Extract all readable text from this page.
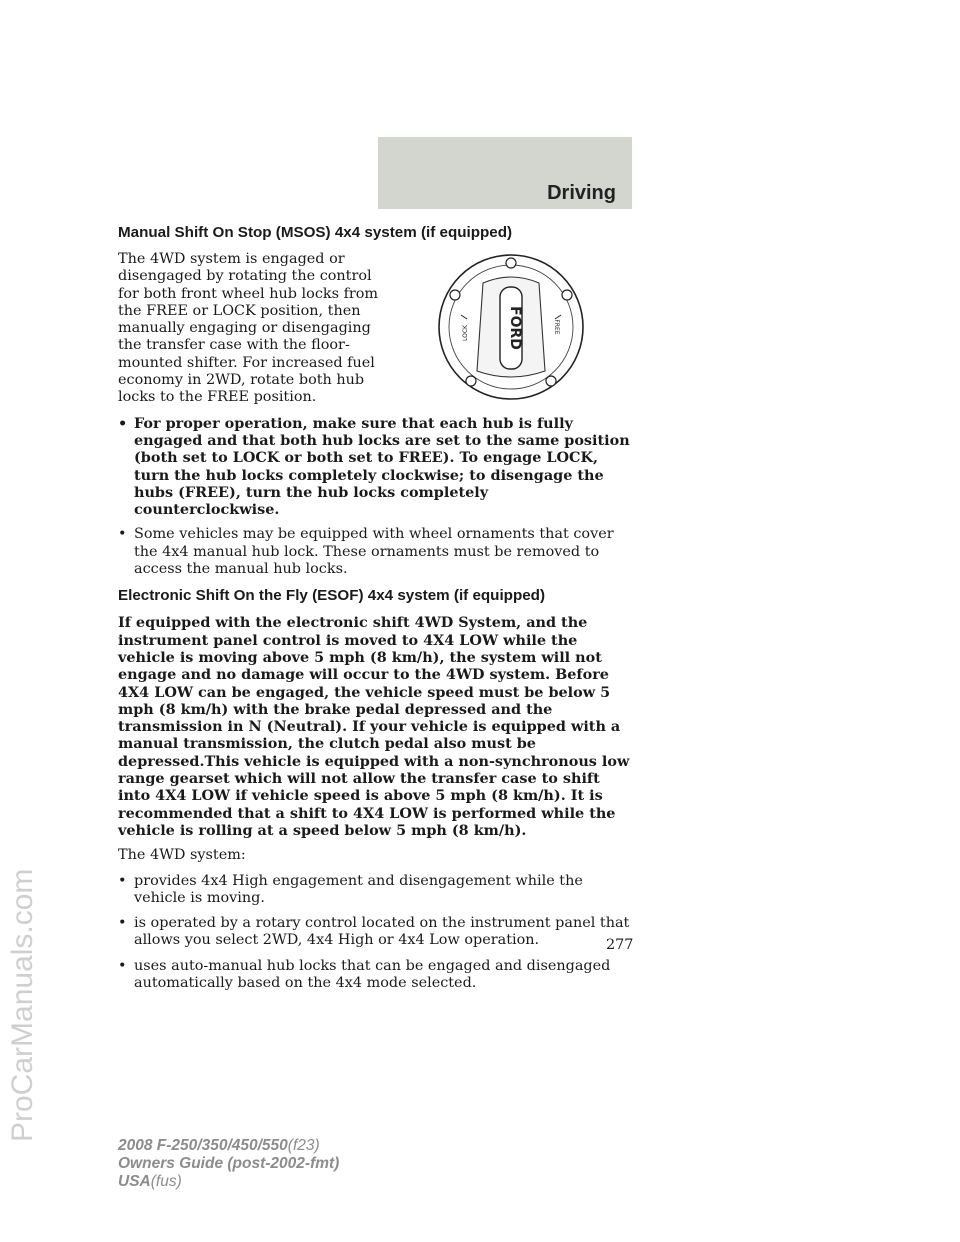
Driving
FORD
LOCK	FREE
Manual Shift On Stop (MSOS) 4x4 system (if equipped)

The 4WD system is engaged or disengaged by rotating the control for both front wheel hub locks from the FREE or LOCK position, then manually engaging or disengaging the transfer case with the floor-mounted shifter. For increased fuel economy in 2WD, rotate both hub locks to the FREE position.

• For proper operation, make sure that each hub is fully engaged and that both hub locks are set to the same position (both set to LOCK or both set to FREE). To engage LOCK, turn the hub locks completely clockwise; to disengage the hubs (FREE), turn the hub locks completely counterclockwise.
• Some vehicles may be equipped with wheel ornaments that cover the 4x4 manual hub lock. These ornaments must be removed to access the manual hub locks.
Electronic Shift On the Fly (ESOF) 4x4 system (if equipped)

If equipped with the electronic shift 4WD System, and the instrument panel control is moved to 4X4 LOW while the vehicle is moving above 5 mph (8 km/h), the system will not engage and no damage will occur to the 4WD system. Before 4X4 LOW can be engaged, the vehicle speed must be below 5 mph (8 km/h) with the brake pedal depressed and the transmission in N (Neutral). If your vehicle is equipped with a manual transmission, the clutch pedal also must be depressed.This vehicle is equipped with a non-synchronous low range gearset which will not allow the transfer case to shift into 4X4 LOW if vehicle speed is above 5 mph (8 km/h). It is recommended that a shift to 4X4 LOW is performed while the vehicle is rolling at a speed below 5 mph (8 km/h).

The 4WD system:

• provides 4x4 High engagement and disengagement while the vehicle is moving.
• is operated by a rotary control located on the instrument panel that allows you select 2WD, 4x4 High or 4x4 Low operation.
• uses auto-manual hub locks that can be engaged and disengaged automatically based on the 4x4 mode selected.
277
2008 F-250/350/450/550(f23)
Owners Guide (post-2002-fmt)
USA(fus)
ProCarManuals.com
